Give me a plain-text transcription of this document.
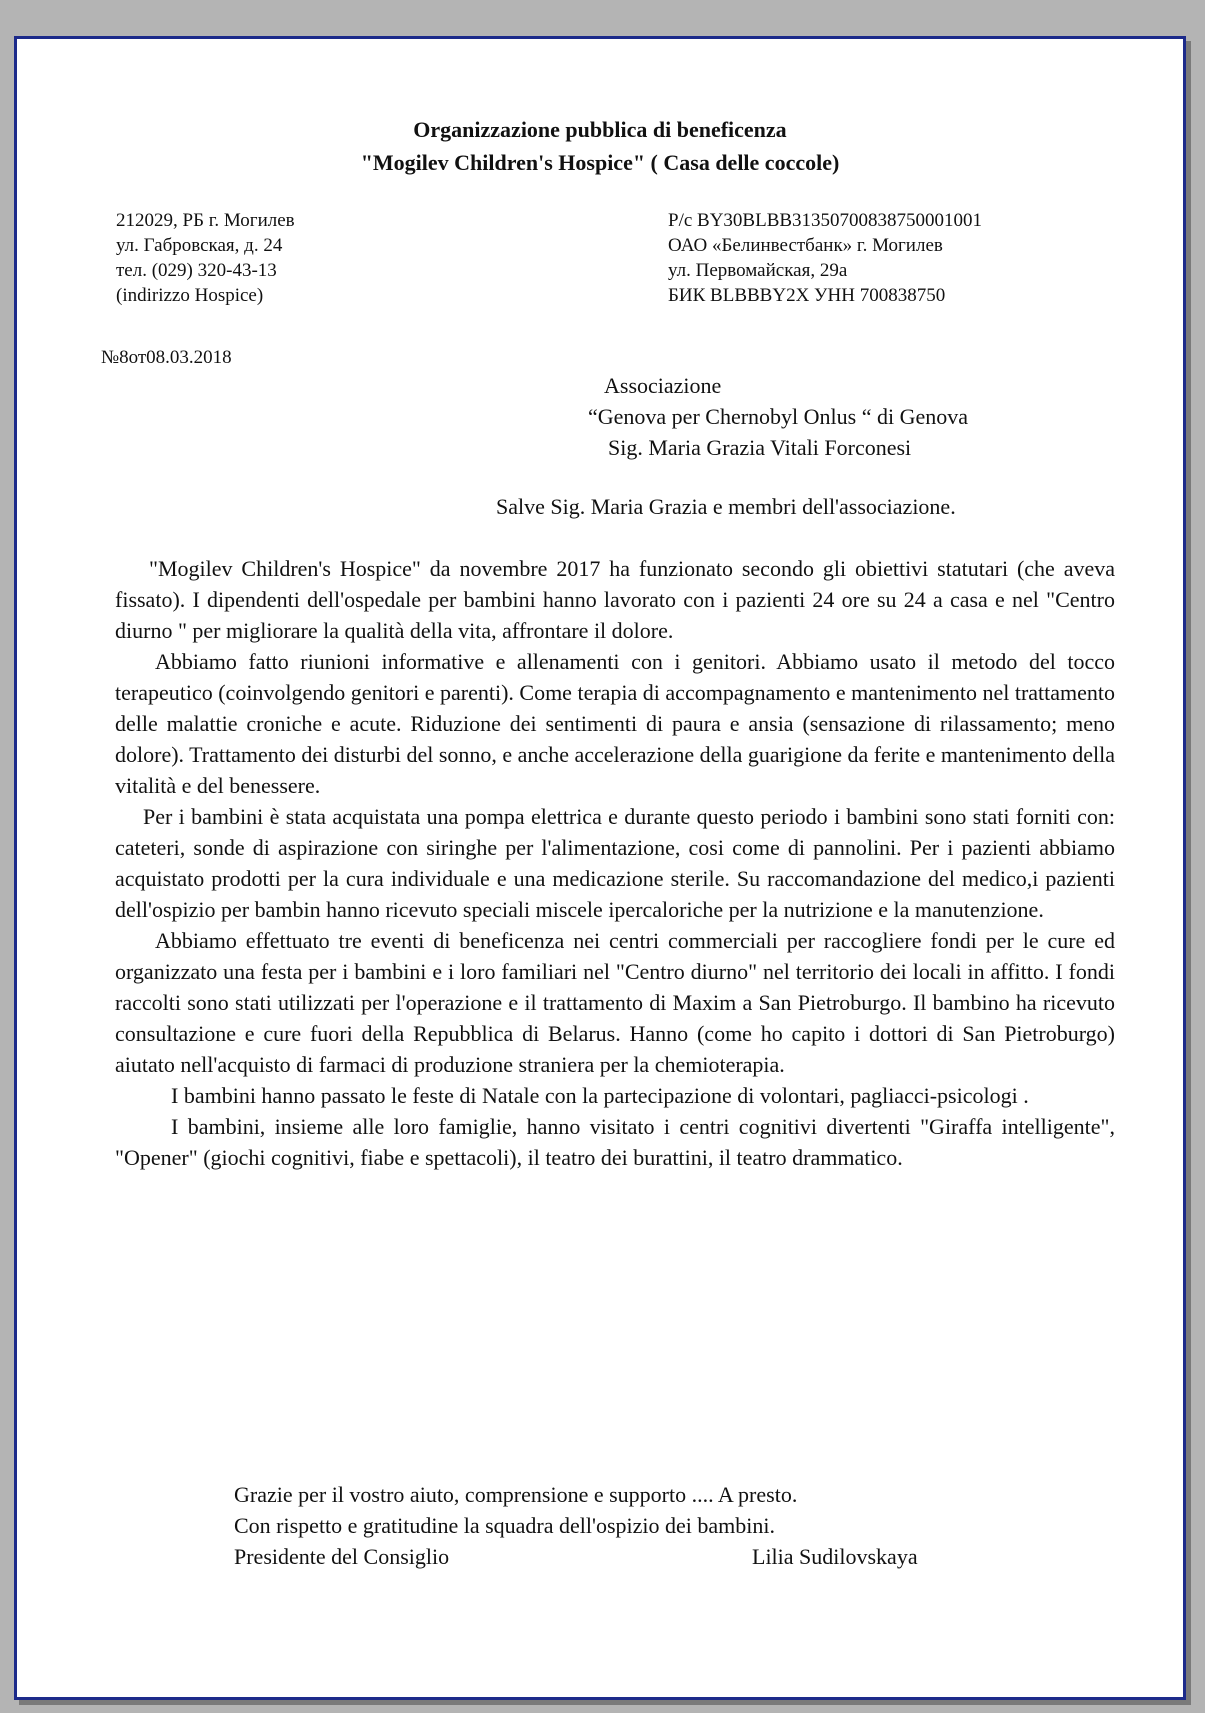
Organizzazione pubblica di beneficenza
"Mogilev Children's Hospice" ( Casa delle coccole)
212029, РБ г. Могилев
ул. Габровская, д. 24
тел. (029) 320-43-13
(indirizzo Hospice)
Р/с BY30BLBB31350700838750001001
ОАО «Белинвестбанк» г. Могилев
ул. Первомайская, 29а
БИК BLBBBY2X УНН 700838750
№8от08.03.2018
Associazione
“Genova per Chernobyl Onlus “ di Genova
Sig. Maria Grazia Vitali Forconesi
Salve Sig. Maria Grazia e membri dell'associazione.

"Mogilev Children's Hospice" da novembre 2017 ha funzionato secondo gli obiettivi statutari (che aveva fissato). I dipendenti dell'ospedale per bambini hanno lavorato con i pazienti 24 ore su 24 a casa e nel "Centro diurno " per migliorare la qualità della vita, affrontare il dolore.

Abbiamo fatto riunioni informative e allenamenti con i genitori. Abbiamo usato il metodo del tocco terapeutico (coinvolgendo genitori e parenti). Come terapia di accompagnamento e mantenimento nel trattamento delle malattie croniche e acute. Riduzione dei sentimenti di paura e ansia (sensazione di rilassamento; meno dolore). Trattamento dei disturbi del sonno, e anche accelerazione della guarigione da ferite e mantenimento della vitalità e del benessere.

Per i bambini è stata acquistata una pompa elettrica e durante questo periodo i bambini sono stati forniti con: cateteri, sonde di aspirazione con siringhe per l'alimentazione, cosi come di pannolini. Per i pazienti abbiamo acquistato prodotti per la cura individuale e una medicazione sterile. Su raccomandazione del medico,i pazienti dell'ospizio per bambin hanno ricevuto speciali miscele ipercaloriche per la nutrizione e la manutenzione.

Abbiamo effettuato tre eventi di beneficenza nei centri commerciali per raccogliere fondi per le cure ed organizzato una festa per i bambini e i loro familiari nel "Centro diurno" nel territorio dei locali in affitto. I fondi raccolti sono stati utilizzati per l'operazione e il trattamento di Maxim a San Pietroburgo. Il bambino ha ricevuto consultazione e cure fuori della Repubblica di Belarus. Hanno (come ho capito i dottori di San Pietroburgo) aiutato nell'acquisto di farmaci di produzione straniera per la chemioterapia.

I bambini hanno passato le feste di Natale con la partecipazione di volontari, pagliacci-psicologi .

I bambini, insieme alle loro famiglie, hanno visitato i centri cognitivi divertenti "Giraffa intelligente", "Opener" (giochi cognitivi, fiabe e spettacoli), il teatro dei burattini, il teatro drammatico.

Grazie per il vostro aiuto, comprensione e supporto .... A presto.
Con rispetto e gratitudine la squadra dell'ospizio dei bambini.
Presidente del Consiglio	Lilia Sudilovskaya
